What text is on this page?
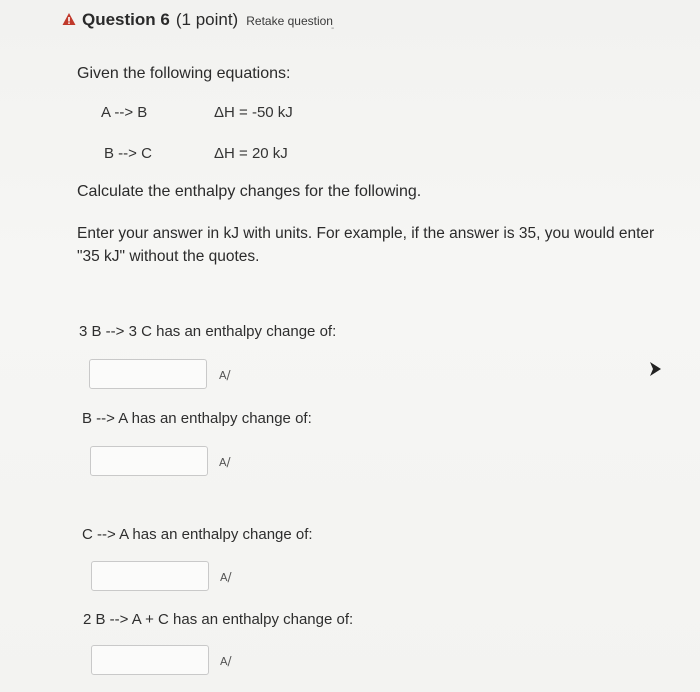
Question 6 (1 point) Retake question
-
Given the following equations:
A --> B	ΔH = -50 kJ
B --> C	ΔH = 20 kJ
Calculate the enthalpy changes for the following.
Enter your answer in kJ with units. For example, if the answer is 35, you would enter "35 kJ" without the quotes.
3 B --> 3 C has an enthalpy change of:
A/
B --> A has an enthalpy change of:
A/
C --> A has an enthalpy change of:
A/
2 B --> A + C has an enthalpy change of:
A/
